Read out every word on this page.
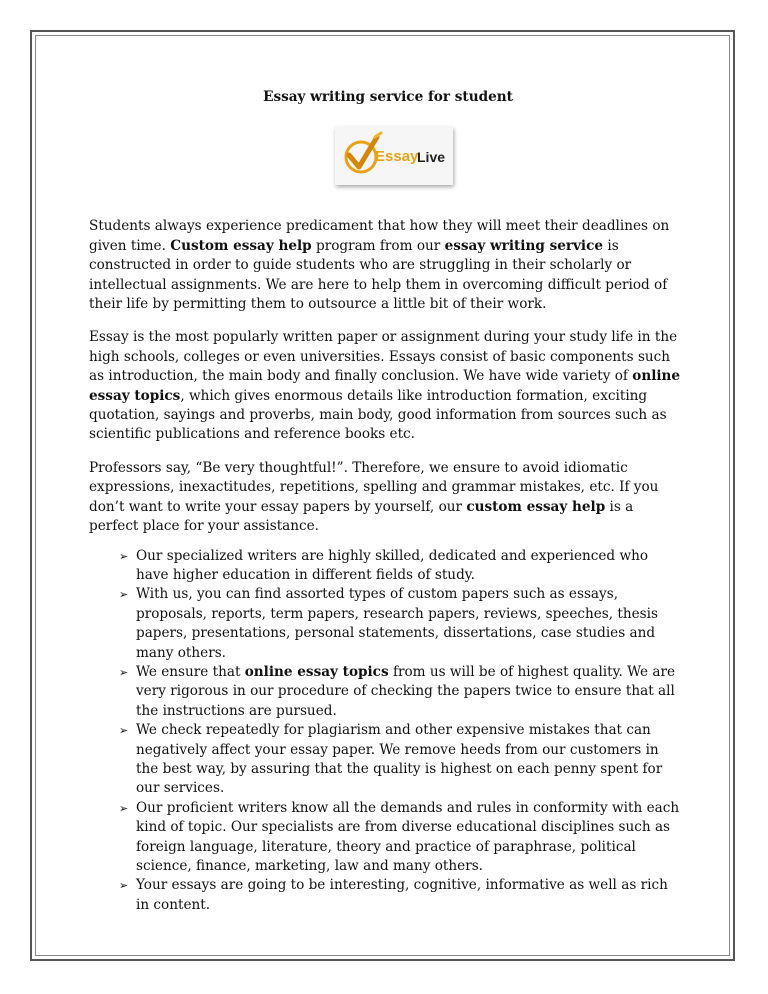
Essay writing service for student
Essay
Live

Students always experience predicament that how they will meet their deadlines on given time. Custom essay help program from our essay writing service is constructed in order to guide students who are struggling in their scholarly or intellectual assignments. We are here to help them in overcoming difficult period of their life by permitting them to outsource a little bit of their work.

Essay is the most popularly written paper or assignment during your study life in the high schools, colleges or even universities. Essays consist of basic components such as introduction, the main body and finally conclusion. We have wide variety of online essay topics, which gives enormous details like introduction formation, exciting quotation, sayings and proverbs, main body, good information from sources such as scientific publications and reference books etc.

Professors say, “Be very thoughtful!”. Therefore, we ensure to avoid idiomatic expressions, inexactitudes, repetitions, spelling and grammar mistakes, etc. If you don’t want to write your essay papers by yourself, our custom essay help is a perfect place for your assistance.

➢ Our specialized writers are highly skilled, dedicated and experienced who have higher education in different fields of study.
➢ With us, you can find assorted types of custom papers such as essays, proposals, reports, term papers, research papers, reviews, speeches, thesis papers, presentations, personal statements, dissertations, case studies and many others.
➢ We ensure that online essay topics from us will be of highest quality. We are very rigorous in our procedure of checking the papers twice to ensure that all the instructions are pursued.
➢ We check repeatedly for plagiarism and other expensive mistakes that can negatively affect your essay paper. We remove heeds from our customers in the best way, by assuring that the quality is highest on each penny spent for our services.
➢ Our proficient writers know all the demands and rules in conformity with each kind of topic. Our specialists are from diverse educational disciplines such as foreign language, literature, theory and practice of paraphrase, political science, finance, marketing, law and many others.
➢ Your essays are going to be interesting, cognitive, informative as well as rich in content.
